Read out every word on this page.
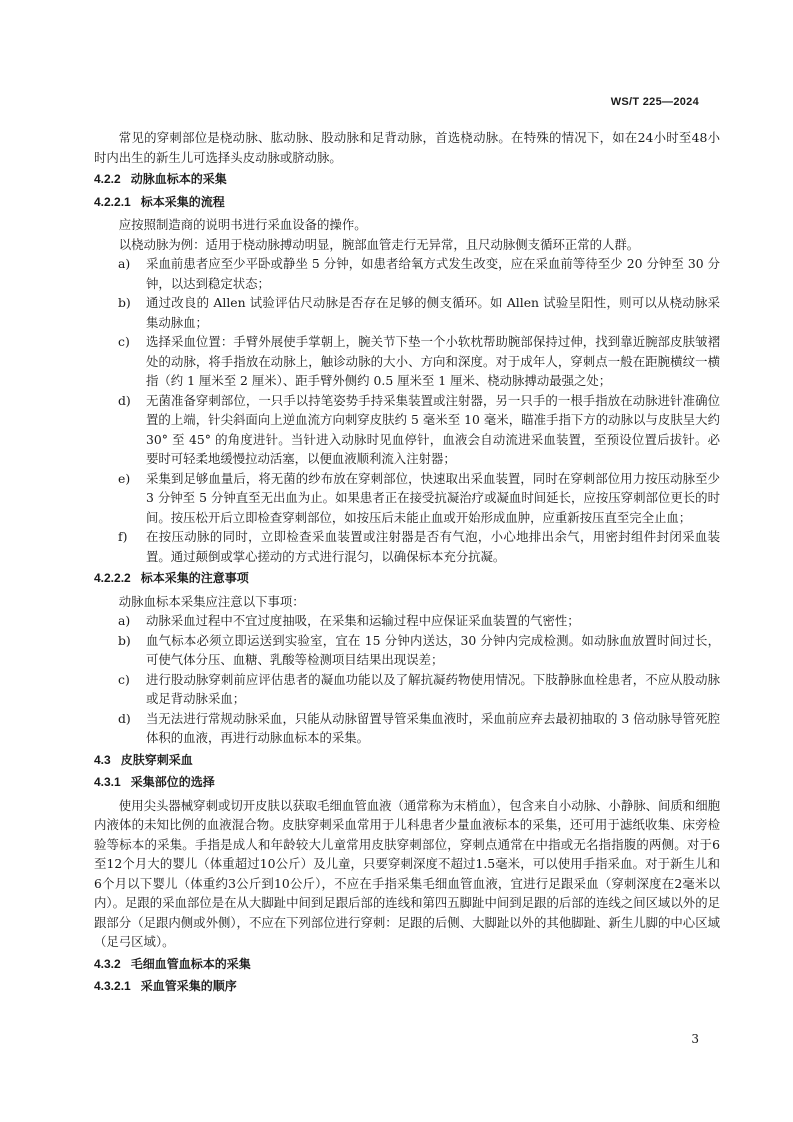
WS/T 225—2024

常见的穿刺部位是桡动脉、肱动脉、股动脉和足背动脉，首选桡动脉。在特殊的情况下，如在24小时至48小时内出生的新生儿可选择头皮动脉或脐动脉。

4.2.2 动脉血标本的采集
4.2.2.1 标本采集的流程

应按照制造商的说明书进行采血设备的操作。

以桡动脉为例：适用于桡动脉搏动明显，腕部血管走行无异常，且尺动脉侧支循环正常的人群。

a)	采血前患者应至少平卧或静坐 5 分钟，如患者给氧方式发生改变，应在采血前等待至少 20 分钟至 30 分钟，以达到稳定状态；
b)	通过改良的 Allen 试验评估尺动脉是否存在足够的侧支循环。如 Allen 试验呈阳性，则可以从桡动脉采集动脉血；
c)	选择采血位置：手臂外展使手掌朝上，腕关节下垫一个小软枕帮助腕部保持过伸，找到靠近腕部皮肤皱褶处的动脉，将手指放在动脉上，触诊动脉的大小、方向和深度。对于成年人，穿刺点一般在距腕横纹一横指（约 1 厘米至 2 厘米）、距手臂外侧约 0.5 厘米至 1 厘米、桡动脉搏动最强之处；
d)	无菌准备穿刺部位，一只手以持笔姿势手持采集装置或注射器，另一只手的一根手指放在动脉进针准确位置的上端，针尖斜面向上逆血流方向刺穿皮肤约 5 毫米至 10 毫米，瞄准手指下方的动脉以与皮肤呈大约 30° 至 45° 的角度进针。当针进入动脉时见血停针，血液会自动流进采血装置，至预设位置后拔针。必要时可轻柔地缓慢拉动活塞，以便血液顺利流入注射器；
e)	采集到足够血量后，将无菌的纱布放在穿刺部位，快速取出采血装置，同时在穿刺部位用力按压动脉至少 3 分钟至 5 分钟直至无出血为止。如果患者正在接受抗凝治疗或凝血时间延长，应按压穿刺部位更长的时间。按压松开后立即检查穿刺部位，如按压后未能止血或开始形成血肿，应重新按压直至完全止血；
f)	在按压动脉的同时，立即检查采血装置或注射器是否有气泡，小心地排出余气，用密封组件封闭采血装置。通过颠倒或掌心搓动的方式进行混匀，以确保标本充分抗凝。
4.2.2.2 标本采集的注意事项

动脉血标本采集应注意以下事项：

a)	动脉采血过程中不宜过度抽吸，在采集和运输过程中应保证采血装置的气密性；
b)	血气标本必须立即运送到实验室，宜在 15 分钟内送达，30 分钟内完成检测。如动脉血放置时间过长，可使气体分压、血糖、乳酸等检测项目结果出现误差；
c)	进行股动脉穿刺前应评估患者的凝血功能以及了解抗凝药物使用情况。下肢静脉血栓患者，不应从股动脉或足背动脉采血；
d)	当无法进行常规动脉采血，只能从动脉留置导管采集血液时，采血前应弃去最初抽取的 3 倍动脉导管死腔体积的血液，再进行动脉血标本的采集。
4.3 皮肤穿刺采血
4.3.1 采集部位的选择

使用尖头器械穿刺或切开皮肤以获取毛细血管血液（通常称为末梢血），包含来自小动脉、小静脉、间质和细胞内液体的未知比例的血液混合物。皮肤穿刺采血常用于儿科患者少量血液标本的采集，还可用于滤纸收集、床旁检验等标本的采集。手指是成人和年龄较大儿童常用皮肤穿刺部位，穿刺点通常在中指或无名指指腹的两侧。对于6至12个月大的婴儿（体重超过10公斤）及儿童，只要穿刺深度不超过1.5毫米，可以使用手指采血。对于新生儿和6个月以下婴儿（体重约3公斤到10公斤），不应在手指采集毛细血管血液，宜进行足跟采血（穿刺深度在2毫米以内）。足跟的采血部位是在从大脚趾中间到足跟后部的连线和第四五脚趾中间到足跟的后部的连线之间区域以外的足跟部分（足跟内侧或外侧），不应在下列部位进行穿刺：足跟的后侧、大脚趾以外的其他脚趾、新生儿脚的中心区域（足弓区域）。

4.3.2 毛细血管血标本的采集
4.3.2.1 采血管采集的顺序
3
